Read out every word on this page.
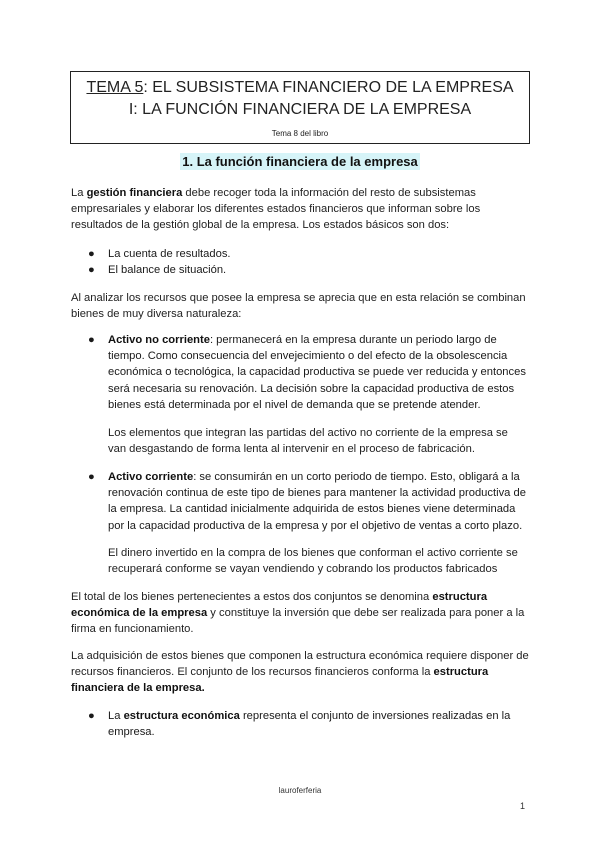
TEMA 5: EL SUBSISTEMA FINANCIERO DE LA EMPRESA I: LA FUNCIÓN FINANCIERA DE LA EMPRESA
Tema 8 del libro
1. La función financiera de la empresa

La gestión financiera debe recoger toda la información del resto de subsistemas empresariales y elaborar los diferentes estados financieros que informan sobre los resultados de la gestión global de la empresa. Los estados básicos son dos:

● La cuenta de resultados.
● El balance de situación.

Al analizar los recursos que posee la empresa se aprecia que en esta relación se combinan bienes de muy diversa naturaleza:

● Activo no corriente: permanecerá en la empresa durante un periodo largo de tiempo. Como consecuencia del envejecimiento o del efecto de la obsolescencia económica o tecnológica, la capacidad productiva se puede ver reducida y entonces será necesaria su renovación. La decisión sobre la capacidad productiva de estos bienes está determinada por el nivel de demanda que se pretende atender.

Los elementos que integran las partidas del activo no corriente de la empresa se van desgastando de forma lenta al intervenir en el proceso de fabricación.

● Activo corriente: se consumirán en un corto periodo de tiempo. Esto, obligará a la renovación continua de este tipo de bienes para mantener la actividad productiva de la empresa. La cantidad inicialmente adquirida de estos bienes viene determinada por la capacidad productiva de la empresa y por el objetivo de ventas a corto plazo.

El dinero invertido en la compra de los bienes que conforman el activo corriente se recuperará conforme se vayan vendiendo y cobrando los productos fabricados

El total de los bienes pertenecientes a estos dos conjuntos se denomina estructura económica de la empresa y constituye la inversión que debe ser realizada para poner a la firma en funcionamiento.

La adquisición de estos bienes que componen la estructura económica requiere disponer de recursos financieros. El conjunto de los recursos financieros conforma la estructura financiera de la empresa.

● La estructura económica representa el conjunto de inversiones realizadas en la empresa.
lauroferferia
1
